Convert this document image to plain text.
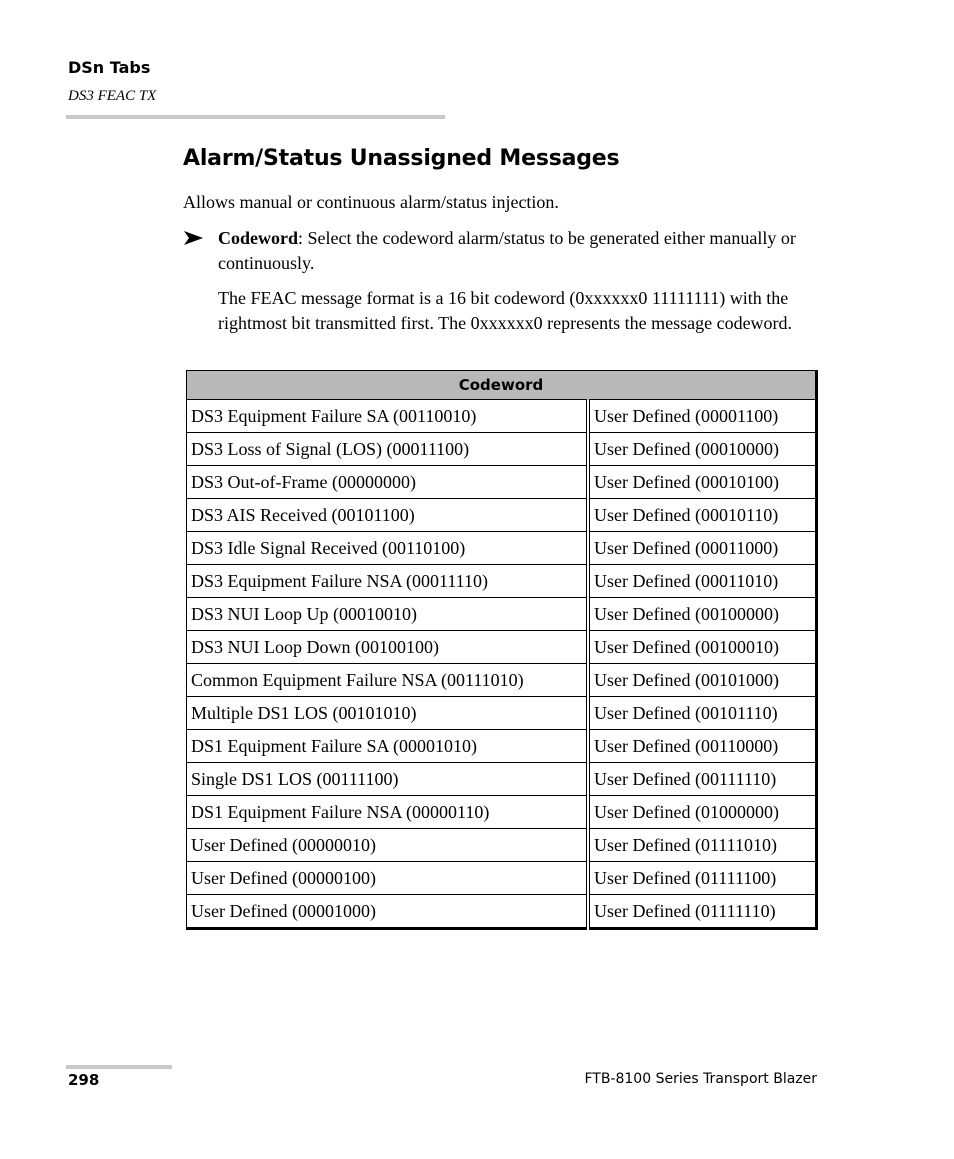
DSn Tabs
DS3 FEAC TX
Alarm/Status Unassigned Messages
Allows manual or continuous alarm/status injection.
Codeword: Select the codeword alarm/status to be generated either manually or continuously.
The FEAC message format is a 16 bit codeword (0xxxxxx0 11111111) with the rightmost bit transmitted first. The 0xxxxxx0 represents the message codeword.
Codeword	
DS3 Equipment Failure SA (00110010)	User Defined (00001100)
DS3 Loss of Signal (LOS) (00011100)	User Defined (00010000)
DS3 Out-of-Frame (00000000)	User Defined (00010100)
DS3 AIS Received (00101100)	User Defined (00010110)
DS3 Idle Signal Received (00110100)	User Defined (00011000)
DS3 Equipment Failure NSA (00011110)	User Defined (00011010)
DS3 NUI Loop Up (00010010)	User Defined (00100000)
DS3 NUI Loop Down (00100100)	User Defined (00100010)
Common Equipment Failure NSA (00111010)	User Defined (00101000)
Multiple DS1 LOS (00101010)	User Defined (00101110)
DS1 Equipment Failure SA (00001010)	User Defined (00110000)
Single DS1 LOS (00111100)	User Defined (00111110)
DS1 Equipment Failure NSA (00000110)	User Defined (01000000)
User Defined (00000010)	User Defined (01111010)
User Defined (00000100)	User Defined (01111100)
User Defined (00001000)	User Defined (01111110)
298	FTB-8100 Series Transport Blazer
